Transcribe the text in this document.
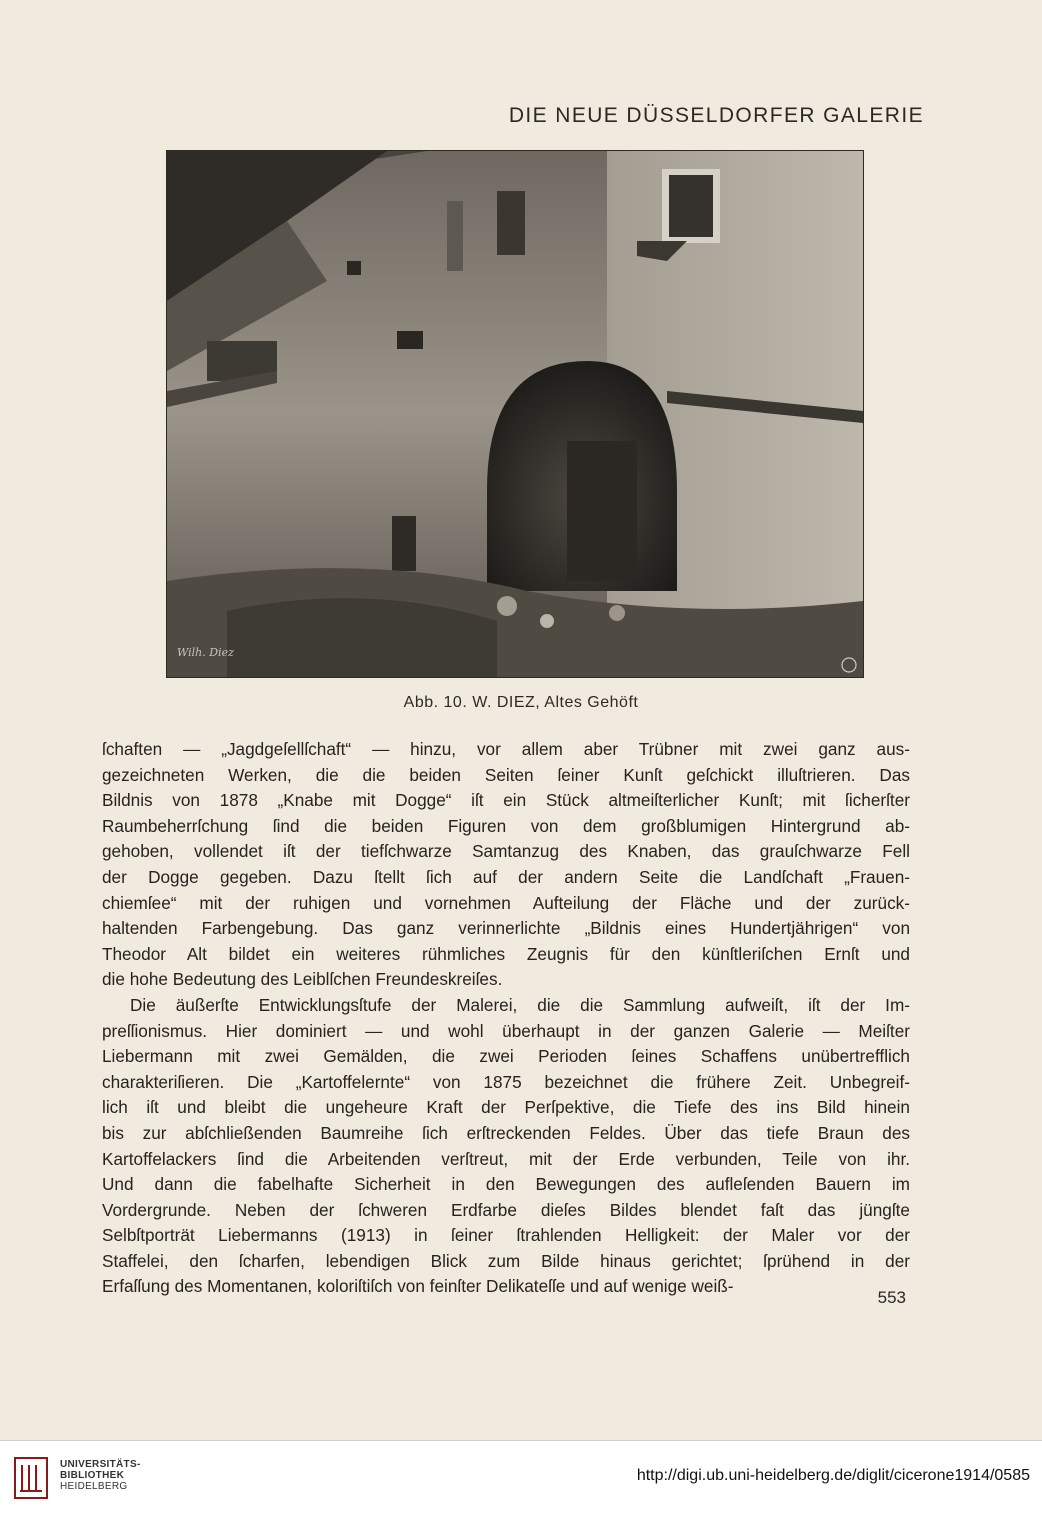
DIE NEUE DÜSSELDORFER GALERIE
Wilh. Diez
Abb. 10. W. DIEZ, Altes Gehöft
ſchaften — „Jagdgeſellſchaft“ — hinzu, vor allem aber Trübner mit zwei ganz aus-
gezeichneten Werken, die die beiden Seiten ſeiner Kunſt geſchickt illuſtrieren. Das
Bildnis von 1878 „Knabe mit Dogge“ iſt ein Stück altmeiſterlicher Kunſt; mit ſicherſter
Raumbeherrſchung ſind die beiden Figuren von dem großblumigen Hintergrund ab-
gehoben, vollendet iſt der tiefſchwarze Samtanzug des Knaben, das grauſchwarze Fell
der Dogge gegeben. Dazu ſtellt ſich auf der andern Seite die Landſchaft „Frauen-
chiemſee“ mit der ruhigen und vornehmen Aufteilung der Fläche und der zurück-
haltenden Farbengebung. Das ganz verinnerlichte „Bildnis eines Hundertjährigen“ von
Theodor Alt bildet ein weiteres rühmliches Zeugnis für den künſtleriſchen Ernſt und
die hohe Bedeutung des Leiblſchen Freundeskreiſes.
Die äußerſte Entwicklungsſtufe der Malerei, die die Sammlung aufweiſt, iſt der Im-
preſſionismus. Hier dominiert — und wohl überhaupt in der ganzen Galerie — Meiſter
Liebermann mit zwei Gemälden, die zwei Perioden ſeines Schaffens unübertrefflich
charakteriſieren. Die „Kartoffelernte“ von 1875 bezeichnet die frühere Zeit. Unbegreif-
lich iſt und bleibt die ungeheure Kraft der Perſpektive, die Tiefe des ins Bild hinein
bis zur abſchließenden Baumreihe ſich erſtreckenden Feldes. Über das tiefe Braun des
Kartoffelackers ſind die Arbeitenden verſtreut, mit der Erde verbunden, Teile von ihr.
Und dann die fabelhafte Sicherheit in den Bewegungen des aufleſenden Bauern im
Vordergrunde. Neben der ſchweren Erdfarbe dieſes Bildes blendet faſt das jüngſte
Selbſtporträt Liebermanns (1913) in ſeiner ſtrahlenden Helligkeit: der Maler vor der
Staffelei, den ſcharfen, lebendigen Blick zum Bilde hinaus gerichtet; ſprühend in der
Erfaſſung des Momentanen, koloriſtiſch von feinſter Delikateſſe und auf wenige weiß-
553
UNIVERSITÄTS-
BIBLIOTHEK
HEIDELBERG
http://digi.ub.uni-heidelberg.de/diglit/cicerone1914/0585
